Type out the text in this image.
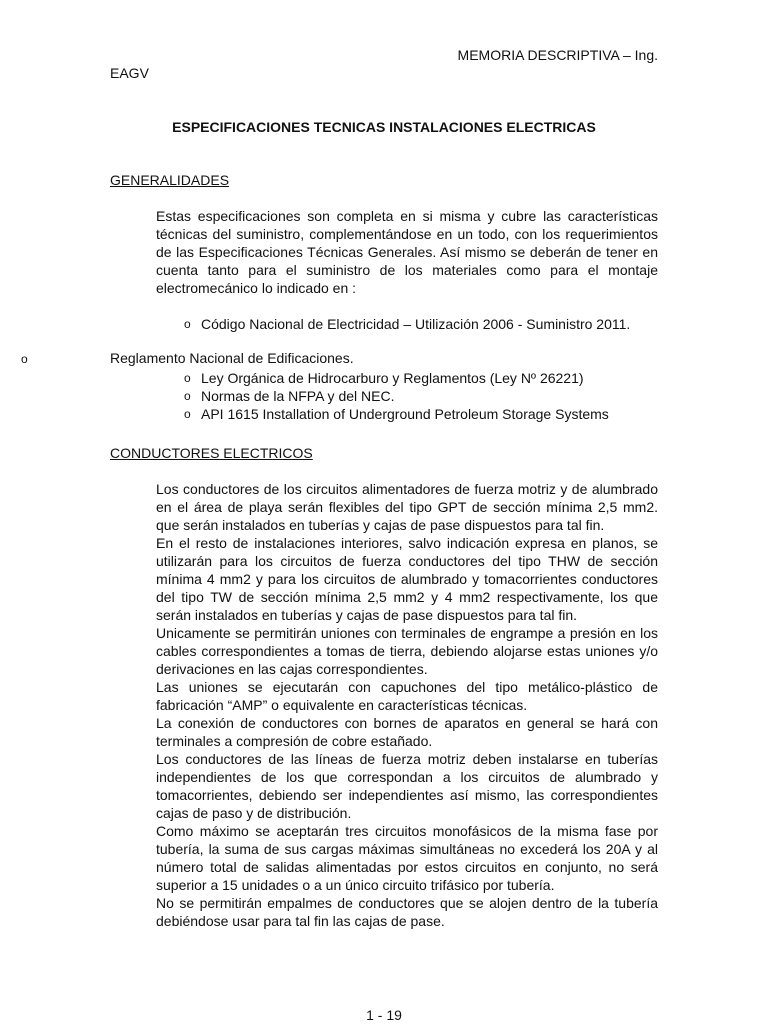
MEMORIA DESCRIPTIVA – Ing.
EAGV
ESPECIFICACIONES TECNICAS INSTALACIONES ELECTRICAS
GENERALIDADES
Estas especificaciones son completa en si misma y cubre las características técnicas del suministro, complementándose en un todo, con los requerimientos de las Especificaciones Técnicas Generales. Así mismo se deberán de tener en cuenta tanto para el suministro de los materiales como para el montaje electromecánico lo indicado en :
o Código Nacional de Electricidad – Utilización 2006 - Suministro 2011.
o	Reglamento Nacional de Edificaciones.
o Ley Orgánica de Hidrocarburo y Reglamentos (Ley Nº 26221)
o Normas de la NFPA y del NEC.
o API 1615 Installation of Underground Petroleum Storage Systems
CONDUCTORES ELECTRICOS

Los conductores de los circuitos alimentadores de fuerza motriz y de alumbrado en el área de playa serán flexibles del tipo GPT de sección mínima 2,5 mm2. que serán instalados en tuberías y cajas de pase dispuestos para tal fin.

En el resto de instalaciones interiores, salvo indicación expresa en planos, se utilizarán para los circuitos de fuerza conductores del tipo THW de sección mínima 4 mm2 y para los circuitos de alumbrado y tomacorrientes conductores del tipo TW de sección mínima 2,5 mm2 y 4 mm2 respectivamente, los que serán instalados en tuberías y cajas de pase dispuestos para tal fin.

Unicamente se permitirán uniones con terminales de engrampe a presión en los cables correspondientes a tomas de tierra, debiendo alojarse estas uniones y/o derivaciones en las cajas correspondientes.

Las uniones se ejecutarán con capuchones del tipo metálico-plástico de fabricación “AMP” o equivalente en características técnicas.

La conexión de conductores con bornes de aparatos en general se hará con terminales a compresión de cobre estañado.

Los conductores de las líneas de fuerza motriz deben instalarse en tuberías independientes de los que correspondan a los circuitos de alumbrado y tomacorrientes, debiendo ser independientes así mismo, las correspondientes cajas de paso y de distribución.

Como máximo se aceptarán tres circuitos monofásicos de la misma fase por tubería, la suma de sus cargas máximas simultáneas no excederá los 20A y al número total de salidas alimentadas por estos circuitos en conjunto, no será superior a 15 unidades o a un único circuito trifásico por tubería.

No se permitirán empalmes de conductores que se alojen dentro de la tubería debiéndose usar para tal fin las cajas de pase.

1 - 19
